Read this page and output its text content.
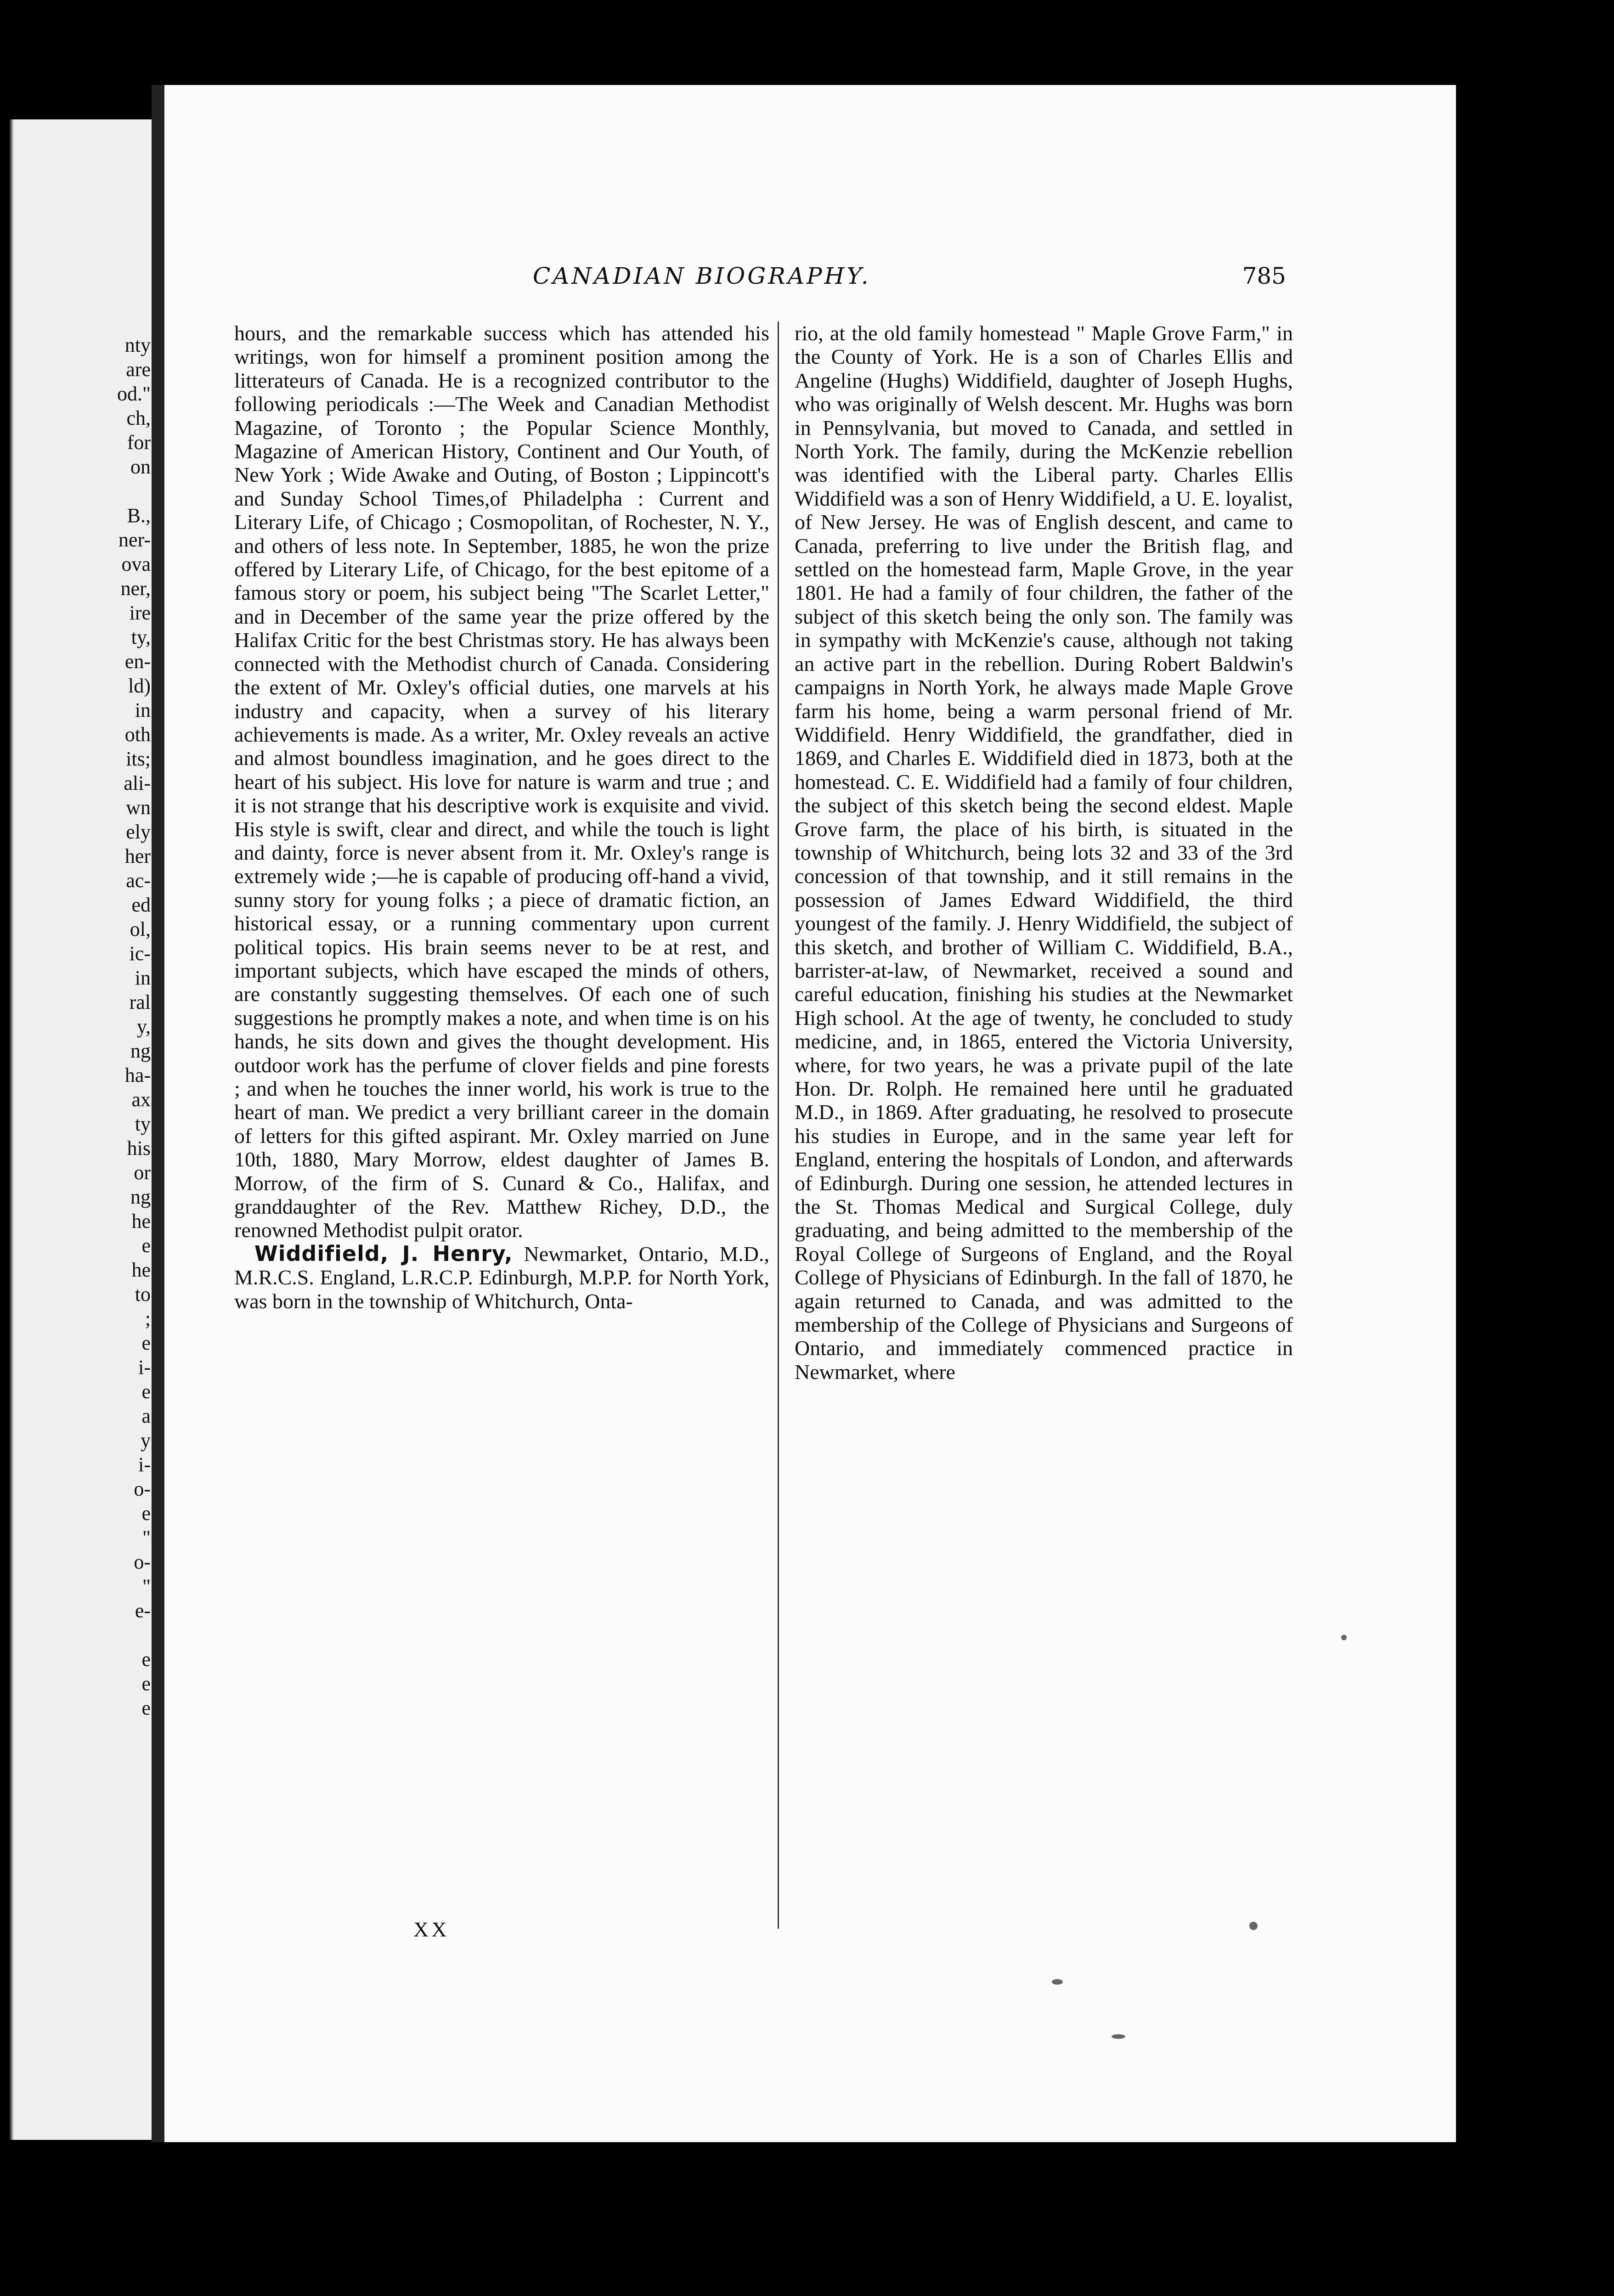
nty
are
od."
ch,
for
on
B.,
ner-
ova
ner,
ire
ty,
en-
ld)
in
oth
its;
ali-
wn
ely
her
ac-
ed
ol,
ic-
in
ral
y,
ng
ha-
ax
ty
his
or
ng
he
e
he
to
;
e
i-
e
a
y
i-
o-
e
"
o-
"
e-
e
e
e
CANADIAN BIOGRAPHY.	785

hours, and the remarkable success which has attended his writings, won for himself a prominent position among the litterateurs of Canada. He is a recognized contributor to the following periodicals :—The Week and Canadian Methodist Magazine, of Toronto ; the Popular Science Monthly, Magazine of American History, Continent and Our Youth, of New York ; Wide Awake and Outing, of Boston ; Lippincott's and Sunday School Times,of Philadelpha : Current and Literary Life, of Chicago ; Cosmopolitan, of Rochester, N. Y., and others of less note. In September, 1885, he won the prize offered by Literary Life, of Chicago, for the best epitome of a famous story or poem, his subject being "The Scarlet Letter," and in December of the same year the prize offered by the Halifax Critic for the best Christmas story. He has always been connected with the Methodist church of Canada. Considering the extent of Mr. Oxley's official duties, one marvels at his industry and capacity, when a survey of his literary achievements is made. As a writer, Mr. Oxley reveals an active and almost boundless imagination, and he goes direct to the heart of his subject. His love for nature is warm and true ; and it is not strange that his descriptive work is exquisite and vivid. His style is swift, clear and direct, and while the touch is light and dainty, force is never absent from it. Mr. Oxley's range is extremely wide ;—he is capable of producing off-hand a vivid, sunny story for young folks ; a piece of dramatic fiction, an historical essay, or a running commentary upon current political topics. His brain seems never to be at rest, and important subjects, which have escaped the minds of others, are constantly suggesting themselves. Of each one of such suggestions he promptly makes a note, and when time is on his hands, he sits down and gives the thought development. His outdoor work has the perfume of clover fields and pine forests ; and when he touches the inner world, his work is true to the heart of man. We predict a very brilliant career in the domain of letters for this gifted aspirant. Mr. Oxley married on June 10th, 1880, Mary Morrow, eldest daughter of James B. Morrow, of the firm of S. Cunard & Co., Halifax, and granddaughter of the Rev. Matthew Richey, D.D., the renowned Methodist pulpit orator.

Widdifield, J. Henry, Newmarket, Ontario, M.D., M.R.C.S. England, L.R.C.P. Edinburgh, M.P.P. for North York, was born in the township of Whitchurch, Onta-

XX

rio, at the old family homestead " Maple Grove Farm," in the County of York. He is a son of Charles Ellis and Angeline (Hughs) Widdifield, daughter of Joseph Hughs, who was originally of Welsh descent. Mr. Hughs was born in Pennsylvania, but moved to Canada, and settled in North York. The family, during the McKenzie rebellion was identified with the Liberal party. Charles Ellis Widdifield was a son of Henry Widdifield, a U. E. loyalist, of New Jersey. He was of English descent, and came to Canada, preferring to live under the British flag, and settled on the homestead farm, Maple Grove, in the year 1801. He had a family of four children, the father of the subject of this sketch being the only son. The family was in sympathy with McKenzie's cause, although not taking an active part in the rebellion. During Robert Baldwin's campaigns in North York, he always made Maple Grove farm his home, being a warm personal friend of Mr. Widdifield. Henry Widdifield, the grandfather, died in 1869, and Charles E. Widdifield died in 1873, both at the homestead. C. E. Widdifield had a family of four children, the subject of this sketch being the second eldest. Maple Grove farm, the place of his birth, is situated in the township of Whitchurch, being lots 32 and 33 of the 3rd concession of that township, and it still remains in the possession of James Edward Widdifield, the third youngest of the family. J. Henry Widdifield, the subject of this sketch, and brother of William C. Widdifield, B.A., barrister-at-law, of Newmarket, received a sound and careful education, finishing his studies at the Newmarket High school. At the age of twenty, he concluded to study medicine, and, in 1865, entered the Victoria University, where, for two years, he was a private pupil of the late Hon. Dr. Rolph. He remained here until he graduated M.D., in 1869. After graduating, he resolved to prosecute his studies in Europe, and in the same year left for England, entering the hospitals of London, and afterwards of Edinburgh. During one session, he attended lectures in the St. Thomas Medical and Surgical College, duly graduating, and being admitted to the membership of the Royal College of Surgeons of England, and the Royal College of Physicians of Edinburgh. In the fall of 1870, he again returned to Canada, and was admitted to the membership of the College of Physicians and Surgeons of Ontario, and immediately commenced practice in Newmarket, where
